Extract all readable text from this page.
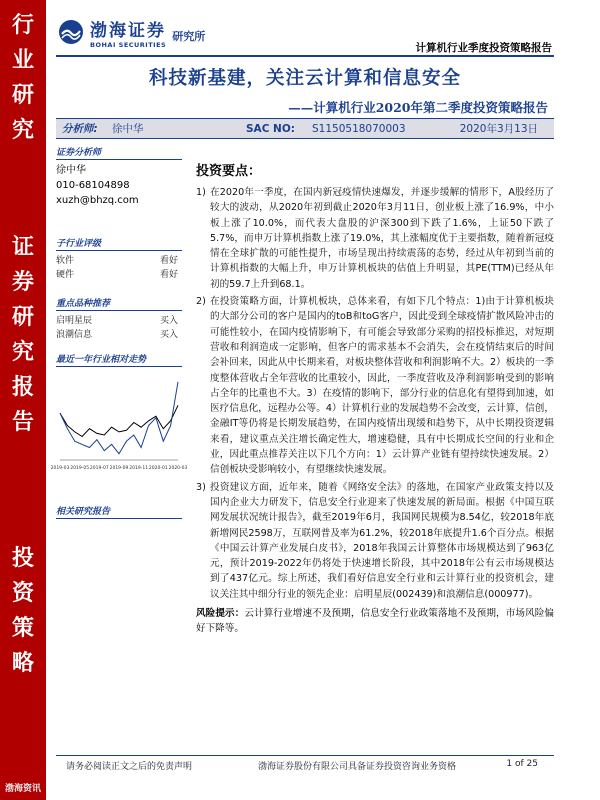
行
业
研
究
证
券
研
究
报
告
投
资
策
略
渤海资讯
渤海证券
BOHAI SECURITIES
研究所
计算机行业季度投资策略报告
科技新基建，关注云计算和信息安全
——计算机行业2020年第二季度投资策略报告
分析师: 徐中华	SAC NO: S1150518070003	2020年3月13日
证券分析师
徐中华
010-68104898
xuzh@bhzq.com
子行业评级
软件	看好
硬件	看好
重点品种推荐
启明星辰	买入
浪潮信息	买入
最近一年行业相对走势
2019-03 2019-05 2019-07 2019-09 2019-11 2020-01 2020-03
相关研究报告
投资要点：
1) 在2020年一季度，在国内新冠疫情快速爆发，并逐步缓解的情形下，A股经历了较大的波动，从2020年初到截止2020年3月11日，创业板上涨了16.9%，中小板上涨了10.0%，而代表大盘股的沪深300到下跌了1.6%，上证50下跌了5.7%，而申万计算机指数上涨了19.0%，其上涨幅度优于主要指数，随着新冠疫情在全球扩散的可能性提升，市场呈现出持续震荡的态势，经过从年初到当前的计算机指数的大幅上升，申万计算机板块的估值上升明显，其PE(TTM)已经从年初的59.7上升到68.1。
2) 在投资策略方面，计算机板块，总体来看，有如下几个特点：1)由于计算机板块的大部分公司的客户是国内的toB和toG客户，因此受到全球疫情扩散风险冲击的可能性较小，在国内疫情影响下，有可能会导致部分采购的招投标推迟，对短期营收和利润造成一定影响，但客户的需求基本不会消失，会在疫情结束后的时间会补回来，因此从中长期来看，对板块整体营收和利润影响不大。2）板块的一季度整体营收占全年营收的比重较小，因此，一季度营收及净利润影响受到的影响占全年的比重也不大。3）在疫情的影响下，部分行业的信息化有望得到加速，如医疗信息化，远程办公等。4）计算机行业的发展趋势不会改变，云计算，信创，金融IT等仍将是长期发展趋势，在国内疫情出现缓和趋势下，从中长期投资逻辑来看，建议重点关注增长确定性大，增速稳健，具有中长期成长空间的行业和企业，因此重点推荐关注以下几个方向：1）云计算产业链有望持续快速发展。2）信创板块受影响较小，有望继续快速发展。
3) 投资建议方面，近年来，随着《网络安全法》的落地，在国家产业政策支持以及国内企业大力研发下，信息安全行业迎来了快速发展的新局面。根据《中国互联网发展状况统计报告》，截至2019年6月，我国网民规模为8.54亿，较2018年底新增网民2598万，互联网普及率为61.2%，较2018年底提升1.6个百分点。根据《中国云计算产业发展白皮书》，2018年我国云计算整体市场规模达到了963亿元，预计2019-2022年仍将处于快速增长阶段，其中2018年公有云市场规模达到了437亿元。综上所述，我们看好信息安全行业和云计算行业的投资机会，建议关注其中细分行业的领先企业：启明星辰(002439)和浪潮信息(000977)。
风险提示：云计算行业增速不及预期，信息安全行业政策落地不及预期，市场风险偏好下降等。
请务必阅读正文之后的免责声明	渤海证券股份有限公司具备证券投资咨询业务资格	1 of 25
